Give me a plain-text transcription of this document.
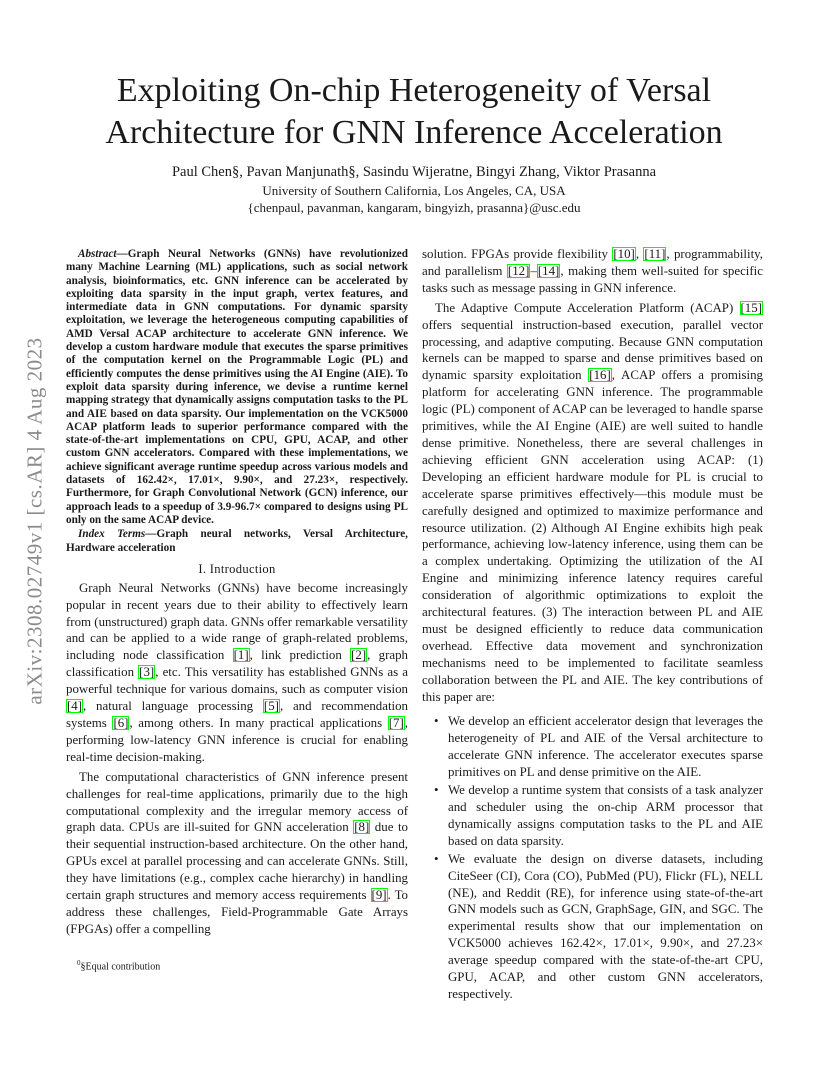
arXiv:2308.02749v1 [cs.AR] 4 Aug 2023
Exploiting On-chip Heterogeneity of Versal
Architecture for GNN Inference Acceleration
Paul Chen§, Pavan Manjunath§, Sasindu Wijeratne, Bingyi Zhang, Viktor Prasanna
University of Southern California, Los Angeles, CA, USA
{chenpaul, pavanman, kangaram, bingyizh, prasanna}@usc.edu

Abstract—Graph Neural Networks (GNNs) have revolutionized many Machine Learning (ML) applications, such as social network analysis, bioinformatics, etc. GNN inference can be accelerated by exploiting data sparsity in the input graph, vertex features, and intermediate data in GNN computations. For dynamic sparsity exploitation, we leverage the heterogeneous computing capabilities of AMD Versal ACAP architecture to accelerate GNN inference. We develop a custom hardware module that executes the sparse primitives of the computation kernel on the Programmable Logic (PL) and efficiently computes the dense primitives using the AI Engine (AIE). To exploit data sparsity during inference, we devise a runtime kernel mapping strategy that dynamically assigns computation tasks to the PL and AIE based on data sparsity. Our implementation on the VCK5000 ACAP platform leads to superior performance compared with the state-of-the-art implementations on CPU, GPU, ACAP, and other custom GNN accelerators. Compared with these implementations, we achieve significant average runtime speedup across various models and datasets of 162.42×, 17.01×, 9.90×, and 27.23×, respectively. Furthermore, for Graph Convolutional Network (GCN) inference, our approach leads to a speedup of 3.9-96.7× compared to designs using PL only on the same ACAP device.

Index Terms—Graph neural networks, Versal Architecture, Hardware acceleration

I. Introduction

Graph Neural Networks (GNNs) have become increasingly popular in recent years due to their ability to effectively learn from (unstructured) graph data. GNNs offer remarkable versatility and can be applied to a wide range of graph-related problems, including node classification [1], link prediction [2], graph classification [3], etc. This versatility has established GNNs as a powerful technique for various domains, such as computer vision [4], natural language processing [5], and recommendation systems [6], among others. In many practical applications [7], performing low-latency GNN inference is crucial for enabling real-time decision-making.

The computational characteristics of GNN inference present challenges for real-time applications, primarily due to the high computational complexity and the irregular memory access of graph data. CPUs are ill-suited for GNN acceleration [8] due to their sequential instruction-based architecture. On the other hand, GPUs excel at parallel processing and can accelerate GNNs. Still, they have limitations (e.g., complex cache hierarchy) in handling certain graph structures and memory access requirements [9]. To address these challenges, Field-Programmable Gate Arrays (FPGAs) offer a compelling

solution. FPGAs provide flexibility [10], [11], programmability, and parallelism [12]–[14], making them well-suited for specific tasks such as message passing in GNN inference.

The Adaptive Compute Acceleration Platform (ACAP) [15] offers sequential instruction-based execution, parallel vector processing, and adaptive computing. Because GNN computation kernels can be mapped to sparse and dense primitives based on dynamic sparsity exploitation [16], ACAP offers a promising platform for accelerating GNN inference. The programmable logic (PL) component of ACAP can be leveraged to handle sparse primitives, while the AI Engine (AIE) are well suited to handle dense primitive. Nonetheless, there are several challenges in achieving efficient GNN acceleration using ACAP: (1) Developing an efficient hardware module for PL is crucial to accelerate sparse primitives effectively—this module must be carefully designed and optimized to maximize performance and resource utilization. (2) Although AI Engine exhibits high peak performance, achieving low-latency inference, using them can be a complex undertaking. Optimizing the utilization of the AI Engine and minimizing inference latency requires careful consideration of algorithmic optimizations to exploit the architectural features. (3) The interaction between PL and AIE must be designed efficiently to reduce data communication overhead. Effective data movement and synchronization mechanisms need to be implemented to facilitate seamless collaboration between the PL and AIE. The key contributions of this paper are:

• We develop an efficient accelerator design that leverages the heterogeneity of PL and AIE of the Versal architecture to accelerate GNN inference. The accelerator executes sparse primitives on PL and dense primitive on the AIE.
• We develop a runtime system that consists of a task analyzer and scheduler using the on-chip ARM processor that dynamically assigns computation tasks to the PL and AIE based on data sparsity.
• We evaluate the design on diverse datasets, including CiteSeer (CI), Cora (CO), PubMed (PU), Flickr (FL), NELL (NE), and Reddit (RE), for inference using state-of-the-art GNN models such as GCN, GraphSage, GIN, and SGC. The experimental results show that our implementation on VCK5000 achieves 162.42×, 17.01×, 9.90×, and 27.23× average speedup compared with the state-of-the-art CPU, GPU, ACAP, and other custom GNN accelerators, respectively.
$^0$§Equal contribution
